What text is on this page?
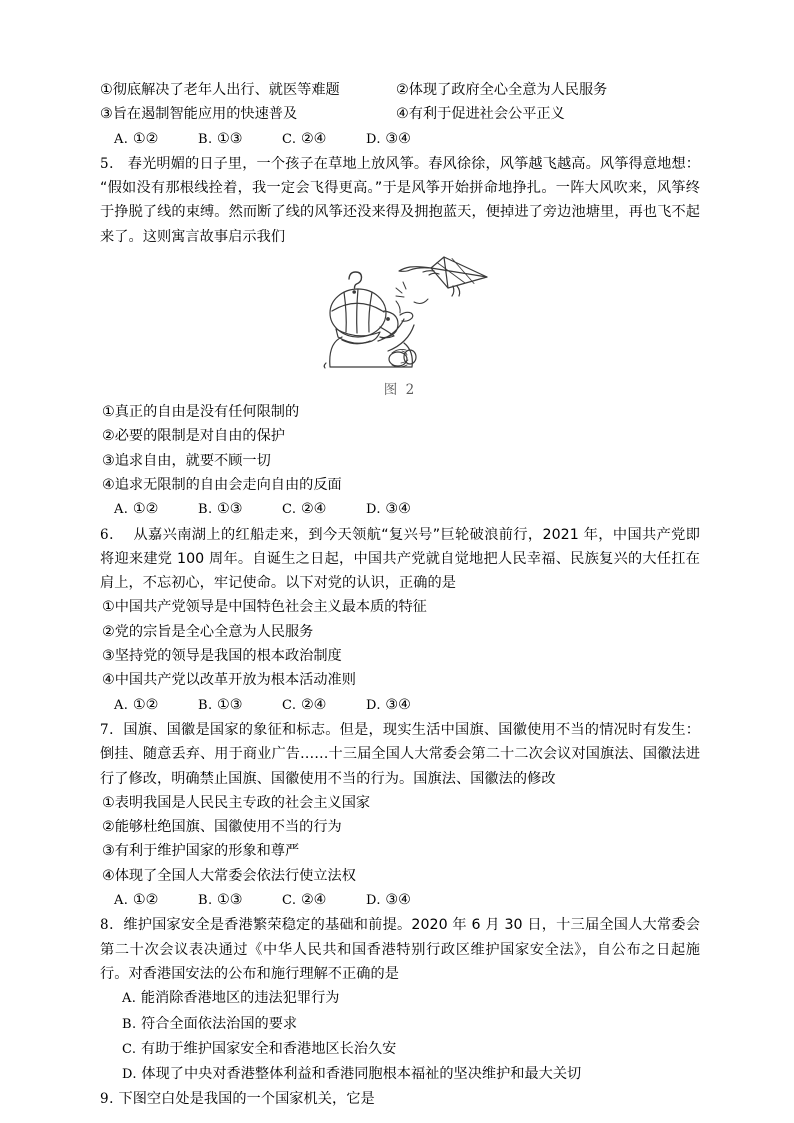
①彻底解决了老年人出行、就医等难题	②体现了政府全心全意为人民服务
③旨在遏制智能应用的快速普及	④有利于促进社会公平正义
A. ①②	B. ①③	C. ②④	D. ③④

5. 春光明媚的日子里，一个孩子在草地上放风筝。春风徐徐，风筝越飞越高。风筝得意地想：“假如没有那根线拴着，我一定会飞得更高。”于是风筝开始拼命地挣扎。一阵大风吹来，风筝终于挣脱了线的束缚。然而断了线的风筝还没来得及拥抱蓝天，便掉进了旁边池塘里，再也飞不起来了。这则寓言故事启示我们

图 2
①真正的自由是没有任何限制的
②必要的限制是对自由的保护
③追求自由，就要不顾一切
④追求无限制的自由会走向自由的反面
A. ①②	B. ①③	C. ②④	D. ③④

6. 从嘉兴南湖上的红船走来，到今天领航“复兴号”巨轮破浪前行，2021 年，中国共产党即将迎来建党 100 周年。自诞生之日起，中国共产党就自觉地把人民幸福、民族复兴的大任扛在肩上，不忘初心，牢记使命。以下对党的认识，正确的是

①中国共产党领导是中国特色社会主义最本质的特征
②党的宗旨是全心全意为人民服务
③坚持党的领导是我国的根本政治制度
④中国共产党以改革开放为根本活动准则
A. ①②	B. ①③	C. ②④	D. ③④

7. 国旗、国徽是国家的象征和标志。但是，现实生活中国旗、国徽使用不当的情况时有发生：倒挂、随意丢弃、用于商业广告……十三届全国人大常委会第二十二次会议对国旗法、国徽法进行了修改，明确禁止国旗、国徽使用不当的行为。国旗法、国徽法的修改

①表明我国是人民民主专政的社会主义国家
②能够杜绝国旗、国徽使用不当的行为
③有利于维护国家的形象和尊严
④体现了全国人大常委会依法行使立法权
A. ①②	B. ①③	C. ②④	D. ③④

8. 维护国家安全是香港繁荣稳定的基础和前提。2020 年 6 月 30 日，十三届全国人大常委会第二十次会议表决通过《中华人民共和国香港特别行政区维护国家安全法》，自公布之日起施行。对香港国安法的公布和施行理解不正确的是

A. 能消除香港地区的违法犯罪行为
B. 符合全面依法治国的要求
C. 有助于维护国家安全和香港地区长治久安
D. 体现了中央对香港整体利益和香港同胞根本福祉的坚决维护和最大关切

9. 下图空白处是我国的一个国家机关，它是
